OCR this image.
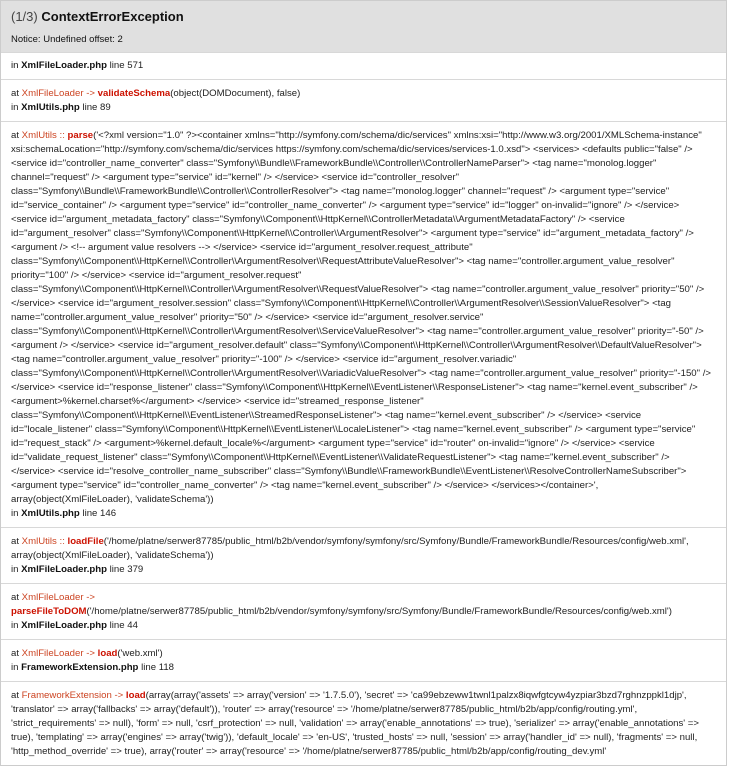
(1/3) ContextErrorException
Notice: Undefined offset: 2
in XmlFileLoader.php line 571
at XmlFileLoader -> validateSchema(object(DOMDocument), false)
in XmlUtils.php line 89
at XmlUtils :: parse('<?xml version="1.0" ?><container xmlns="http://symfony.com/schema/dic/services" xmlns:xsi="http://www.w3.org/2001/XMLSchema-instance" xsi:schemaLocation="http://symfony.com/schema/dic/services https://symfony.com/schema/dic/services/services-1.0.xsd"> <services> <defaults public="false" /> <service id="controller_name_converter" class="Symfony\\Bundle\\FrameworkBundle\\Controller\\ControllerNameParser"> <tag name="monolog.logger" channel="request" /> <argument type="service" id="kernel" /> </service> <service id="controller_resolver" class="Symfony\\Bundle\\FrameworkBundle\\Controller\\ControllerResolver"> <tag name="monolog.logger" channel="request" /> <argument type="service" id="service_container" /> <argument type="service" id="controller_name_converter" /> <argument type="service" id="logger" on-invalid="ignore" /> </service> <service id="argument_metadata_factory" class="Symfony\\Component\\HttpKernel\\ControllerMetadata\\ArgumentMetadataFactory" /> <service id="argument_resolver" class="Symfony\\Component\\HttpKernel\\Controller\\ArgumentResolver"> <argument type="service" id="argument_metadata_factory" /> <argument /> <!-- argument value resolvers --> </service> <service id="argument_resolver.request_attribute" class="Symfony\\Component\\HttpKernel\\Controller\\ArgumentResolver\\RequestAttributeValueResolver"> <tag name="controller.argument_value_resolver" priority="100" /> </service> <service id="argument_resolver.request" class="Symfony\\Component\\HttpKernel\\Controller\\ArgumentResolver\\RequestValueResolver"> <tag name="controller.argument_value_resolver" priority="50" /> </service> <service id="argument_resolver.session" class="Symfony\\Component\\HttpKernel\\Controller\\ArgumentResolver\\SessionValueResolver"> <tag name="controller.argument_value_resolver" priority="50" /> </service> <service id="argument_resolver.service" class="Symfony\\Component\\HttpKernel\\Controller\\ArgumentResolver\\ServiceValueResolver"> <tag name="controller.argument_value_resolver" priority="-50" /> <argument /> </service> <service id="argument_resolver.default" class="Symfony\\Component\\HttpKernel\\Controller\\ArgumentResolver\\DefaultValueResolver"> <tag name="controller.argument_value_resolver" priority="-100" /> </service> <service id="argument_resolver.variadic" class="Symfony\\Component\\HttpKernel\\Controller\\ArgumentResolver\\VariadicValueResolver"> <tag name="controller.argument_value_resolver" priority="-150" /> </service> <service id="response_listener" class="Symfony\\Component\\HttpKernel\\EventListener\\ResponseListener"> <tag name="kernel.event_subscriber" /> <argument>%kernel.charset%</argument> </service> <service id="streamed_response_listener" class="Symfony\\Component\\HttpKernel\\EventListener\\StreamedResponseListener"> <tag name="kernel.event_subscriber" /> </service> <service id="locale_listener" class="Symfony\\Component\\HttpKernel\\EventListener\\LocaleListener"> <tag name="kernel.event_subscriber" /> <argument type="service" id="request_stack" /> <argument>%kernel.default_locale%</argument> <argument type="service" id="router" on-invalid="ignore" /> </service> <service id="validate_request_listener" class="Symfony\\Component\\HttpKernel\\EventListener\\ValidateRequestListener"> <tag name="kernel.event_subscriber" /> </service> <service id="resolve_controller_name_subscriber" class="Symfony\\Bundle\\FrameworkBundle\\EventListener\\ResolveControllerNameSubscriber"> <argument type="service" id="controller_name_converter" /> <tag name="kernel.event_subscriber" /> </service> </services></container>', array(object(XmlFileLoader), 'validateSchema'))
in XmlUtils.php line 146
at XmlUtils :: loadFile('/home/platne/serwer87785/public_html/b2b/vendor/symfony/symfony/src/Symfony/Bundle/FrameworkBundle/Resources/config/web.xml', array(object(XmlFileLoader), 'validateSchema'))
in XmlFileLoader.php line 379
at XmlFileLoader -> parseFileToDOM('/home/platne/serwer87785/public_html/b2b/vendor/symfony/symfony/src/Symfony/Bundle/FrameworkBundle/Resources/config/web.xml')
in XmlFileLoader.php line 44
at XmlFileLoader -> load('web.xml')
in FrameworkExtension.php line 118
at FrameworkExtension -> load(array(array('assets' => array('version' => '1.7.5.0'), 'secret' => 'ca99ebzeww1twnl1palzx8iqwfgtcyw4yzpiar3bzd7rghnzppkl1djp', 'translator' => array('fallbacks' => array('default')), 'router' => array('resource' => '/home/platne/serwer87785/public_html/b2b/app/config/routing.yml', 'strict_requirements' => null), 'form' => null, 'csrf_protection' => null, 'validation' => array('enable_annotations' => true), 'serializer' => array('enable_annotations' => true), 'templating' => array('engines' => array('twig')), 'default_locale' => 'en-US', 'trusted_hosts' => null, 'session' => array('handler_id' => null), 'fragments' => null, 'http_method_override' => true), array('router' => array('resource' => '/home/platne/serwer87785/public_html/b2b/app/config/routing_dev.yml'
